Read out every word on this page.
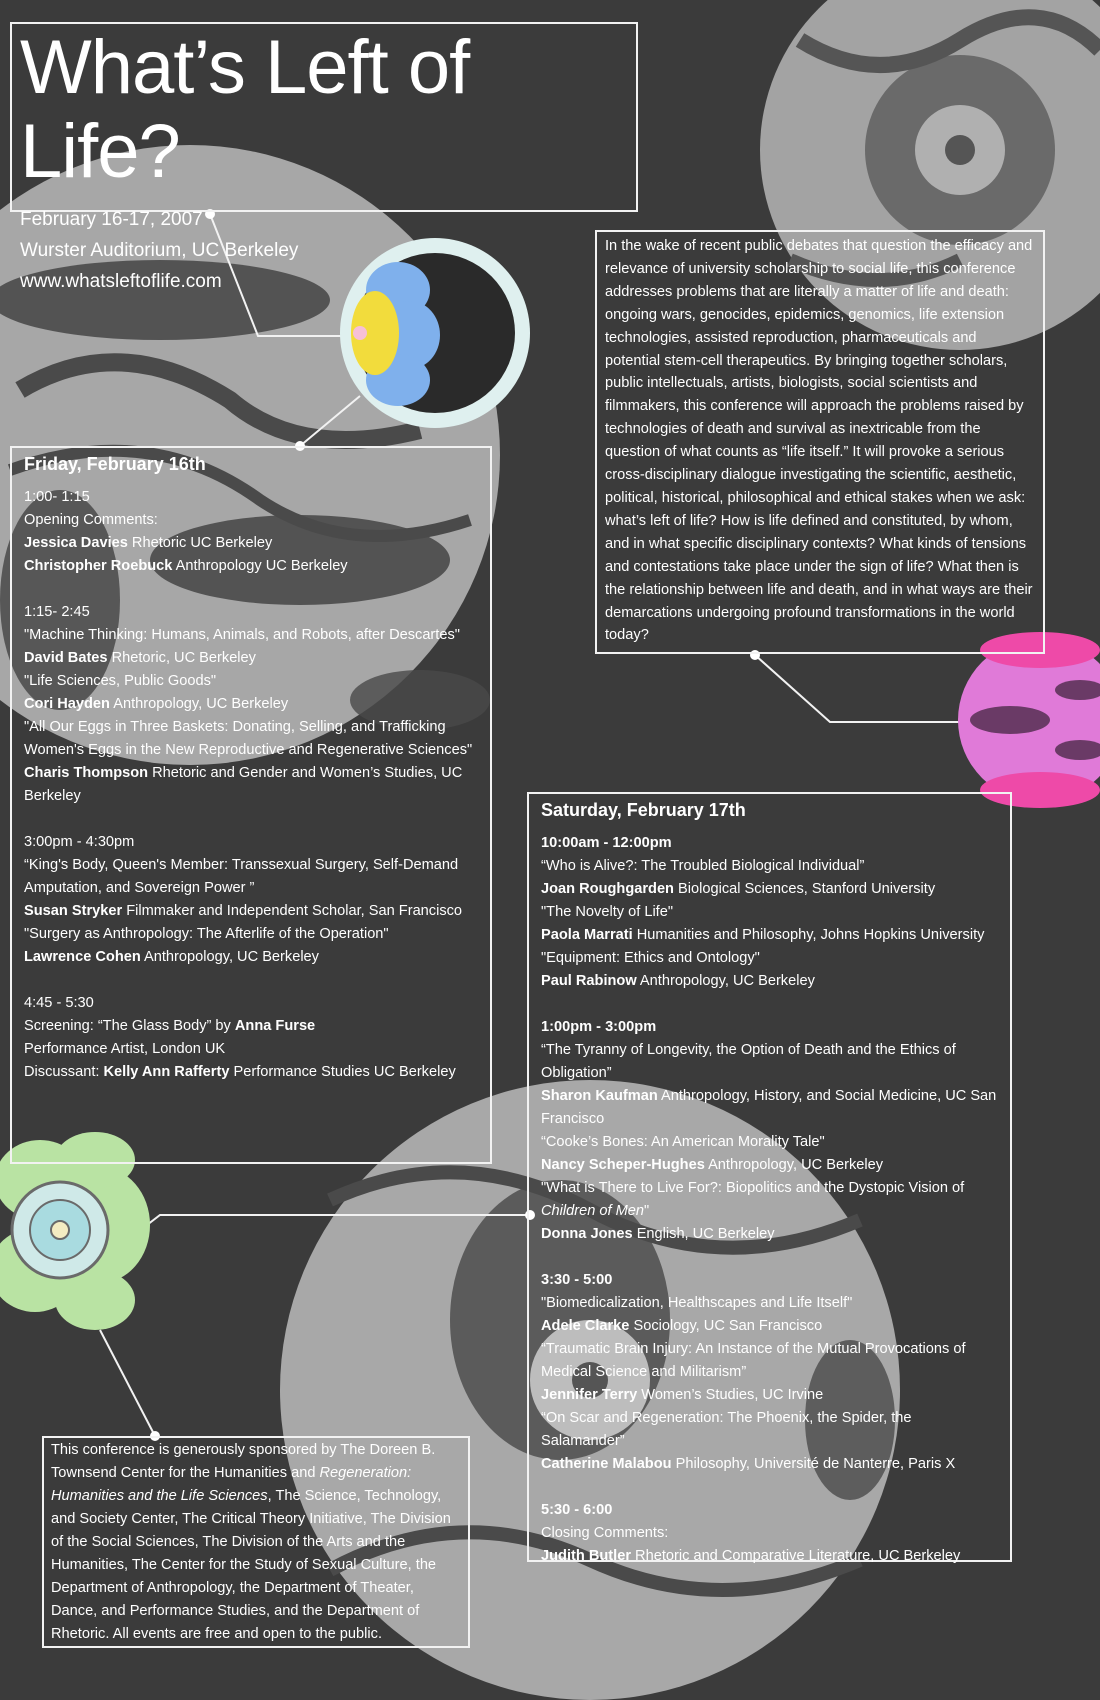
What’s Left of Life?
February 16-17, 2007
Wurster Auditorium, UC Berkeley
www.whatsleftoflife.com
In the wake of recent public debates that question the efficacy and relevance of university scholarship to social life, this conference addresses problems that are literally a matter of life and death: ongoing wars, genocides, epidemics, genomics, life extension technologies, assisted reproduction, pharmaceuticals and potential stem-cell therapeutics. By bringing together scholars, public intellectuals, artists, biologists, social scientists and filmmakers, this conference will approach the problems raised by technologies of death and survival as inextricable from the question of what counts as “life itself.” It will provoke a serious cross-disciplinary dialogue investigating the scientific, aesthetic, political, historical, philosophical and ethical stakes when we ask: what’s left of life? How is life defined and constituted, by whom, and in what specific disciplinary contexts? What kinds of tensions and contestations take place under the sign of life? What then is the relationship between life and death, and in what ways are their demarcations undergoing profound transformations in the world today?
Friday, February 16th
1:00- 1:15
Opening Comments:
Jessica Davies Rhetoric UC Berkeley
Christopher Roebuck Anthropology UC Berkeley
1:15- 2:45
"Machine Thinking: Humans, Animals, and Robots, after Descartes"
David Bates Rhetoric, UC Berkeley
"Life Sciences, Public Goods"
Cori Hayden Anthropology, UC Berkeley
"All Our Eggs in Three Baskets: Donating, Selling, and Trafficking Women's Eggs in the New Reproductive and Regenerative Sciences"
Charis Thompson Rhetoric and Gender and Women’s Studies, UC Berkeley
3:00pm - 4:30pm
“King's Body, Queen's Member: Transsexual Surgery, Self-Demand Amputation, and Sovereign Power ”
Susan Stryker Filmmaker and Independent Scholar, San Francisco
"Surgery as Anthropology: The Afterlife of the Operation"
Lawrence Cohen Anthropology, UC Berkeley
4:45 - 5:30
Screening: “The Glass Body” by Anna Furse
Performance Artist, London UK
Discussant: Kelly Ann Rafferty Performance Studies UC Berkeley
Saturday, February 17th
10:00am - 12:00pm
“Who is Alive?: The Troubled Biological Individual”
Joan Roughgarden Biological Sciences, Stanford University
"The Novelty of Life"
Paola Marrati Humanities and Philosophy, Johns Hopkins University
"Equipment: Ethics and Ontology"
Paul Rabinow Anthropology, UC Berkeley
1:00pm - 3:00pm
“The Tyranny of Longevity, the Option of Death and the Ethics of Obligation”
Sharon Kaufman Anthropology, History, and Social Medicine, UC San Francisco
“Cooke’s Bones: An American Morality Tale"
Nancy Scheper-Hughes Anthropology, UC Berkeley
"What is There to Live For?: Biopolitics and the Dystopic Vision of Children of Men"
Donna Jones English, UC Berkeley
3:30 - 5:00
"Biomedicalization, Healthscapes and Life Itself"
Adele Clarke Sociology, UC San Francisco
“Traumatic Brain Injury: An Instance of the Mutual Provocations of Medical Science and Militarism”
Jennifer Terry Women’s Studies, UC Irvine
“On Scar and Regeneration: The Phoenix, the Spider, the Salamander”
Catherine Malabou Philosophy, Université de Nanterre, Paris X
5:30 - 6:00
Closing Comments:
Judith Butler Rhetoric and Comparative Literature, UC Berkeley
This conference is generously sponsored by The Doreen B. Townsend Center for the Humanities and Regeneration: Humanities and the Life Sciences, The Science, Technology, and Society Center, The Critical Theory Initiative, The Division of the Social Sciences, The Division of the Arts and the Humanities, The Center for the Study of Sexual Culture, the Department of Anthropology, the Department of Theater, Dance, and Performance Studies, and the Department of Rhetoric. All events are free and open to the public.
